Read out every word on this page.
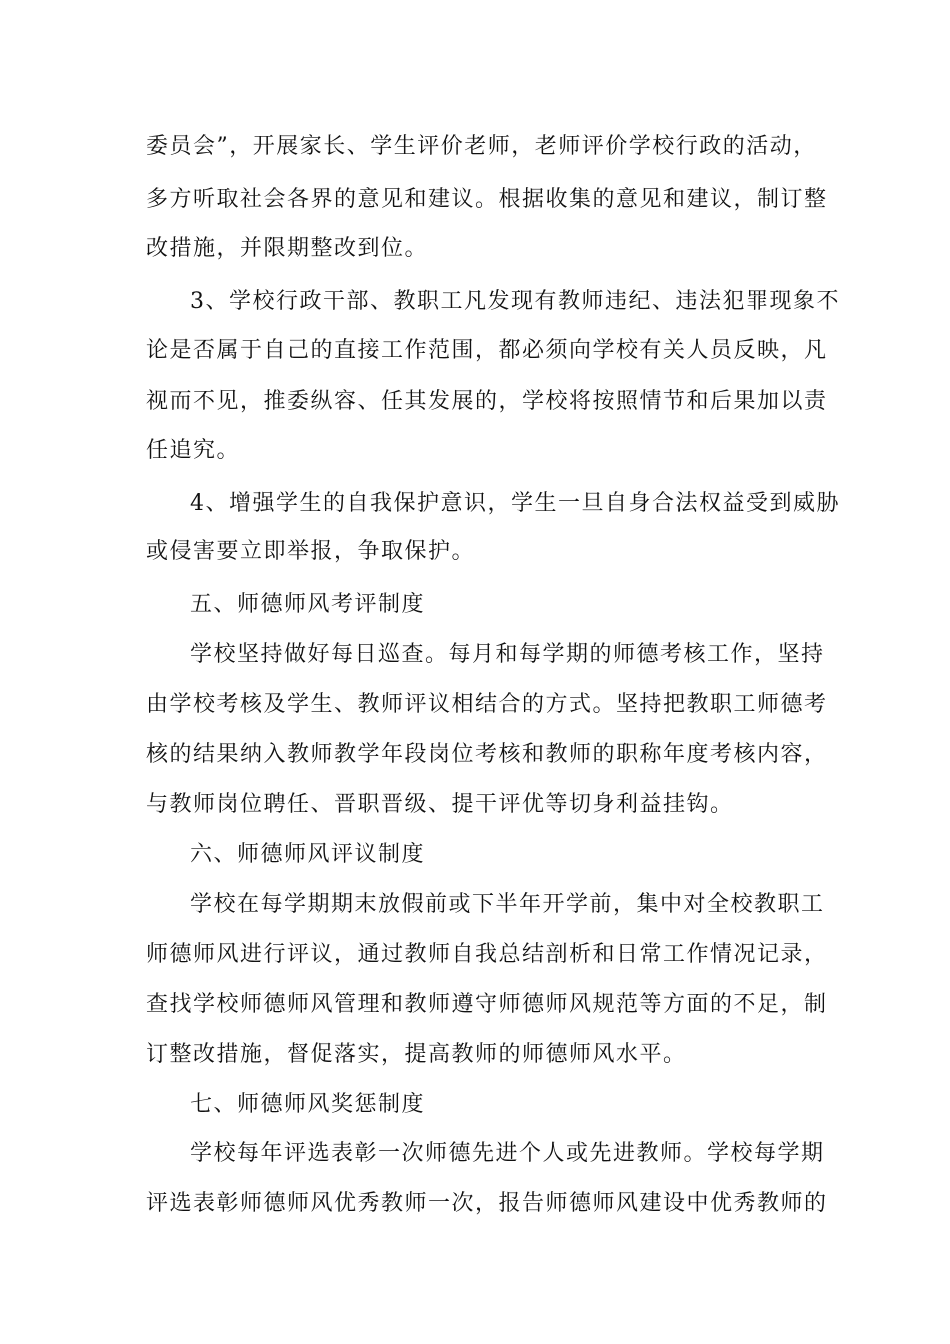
委员会”，开展家长、学生评价老师，老师评价学校行政的活动，
多方听取社会各界的意见和建议。根据收集的意见和建议，制订整
改措施，并限期整改到位。
3、学校行政干部、教职工凡发现有教师违纪、违法犯罪现象不
论是否属于自己的直接工作范围，都必须向学校有关人员反映，凡
视而不见，推委纵容、任其发展的，学校将按照情节和后果加以责
任追究。
4、增强学生的自我保护意识，学生一旦自身合法权益受到威胁
或侵害要立即举报，争取保护。
五、师德师风考评制度
学校坚持做好每日巡查。每月和每学期的师德考核工作，坚持
由学校考核及学生、教师评议相结合的方式。坚持把教职工师德考
核的结果纳入教师教学年段岗位考核和教师的职称年度考核内容，
与教师岗位聘任、晋职晋级、提干评优等切身利益挂钩。
六、师德师风评议制度
学校在每学期期末放假前或下半年开学前，集中对全校教职工
师德师风进行评议，通过教师自我总结剖析和日常工作情况记录，
查找学校师德师风管理和教师遵守师德师风规范等方面的不足，制
订整改措施，督促落实，提高教师的师德师风水平。
七、师德师风奖惩制度
学校每年评选表彰一次师德先进个人或先进教师。学校每学期
评选表彰师德师风优秀教师一次，报告师德师风建设中优秀教师的
